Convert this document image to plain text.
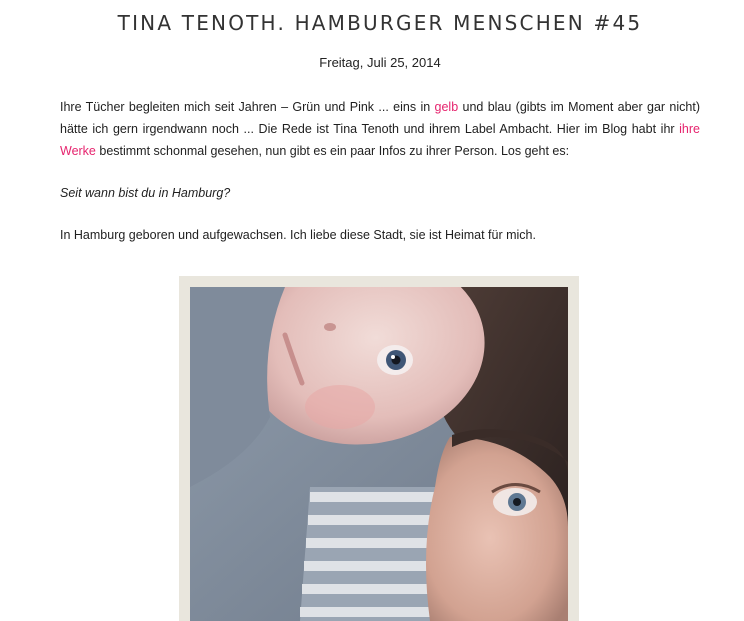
TINA TENOTH. HAMBURGER MENSCHEN #45
Freitag, Juli 25, 2014

Ihre Tücher begleiten mich seit Jahren – Grün und Pink ... eins in gelb und blau (gibts im Moment aber gar nicht) hätte ich gern irgendwann noch ... Die Rede ist Tina Tenoth und ihrem Label Ambacht. Hier im Blog habt ihr ihre Werke bestimmt schonmal gesehen, nun gibt es ein paar Infos zu ihrer Person. Los geht es:

Seit wann bist du in Hamburg?

In Hamburg geboren und aufgewachsen. Ich liebe diese Stadt, sie ist Heimat für mich.
